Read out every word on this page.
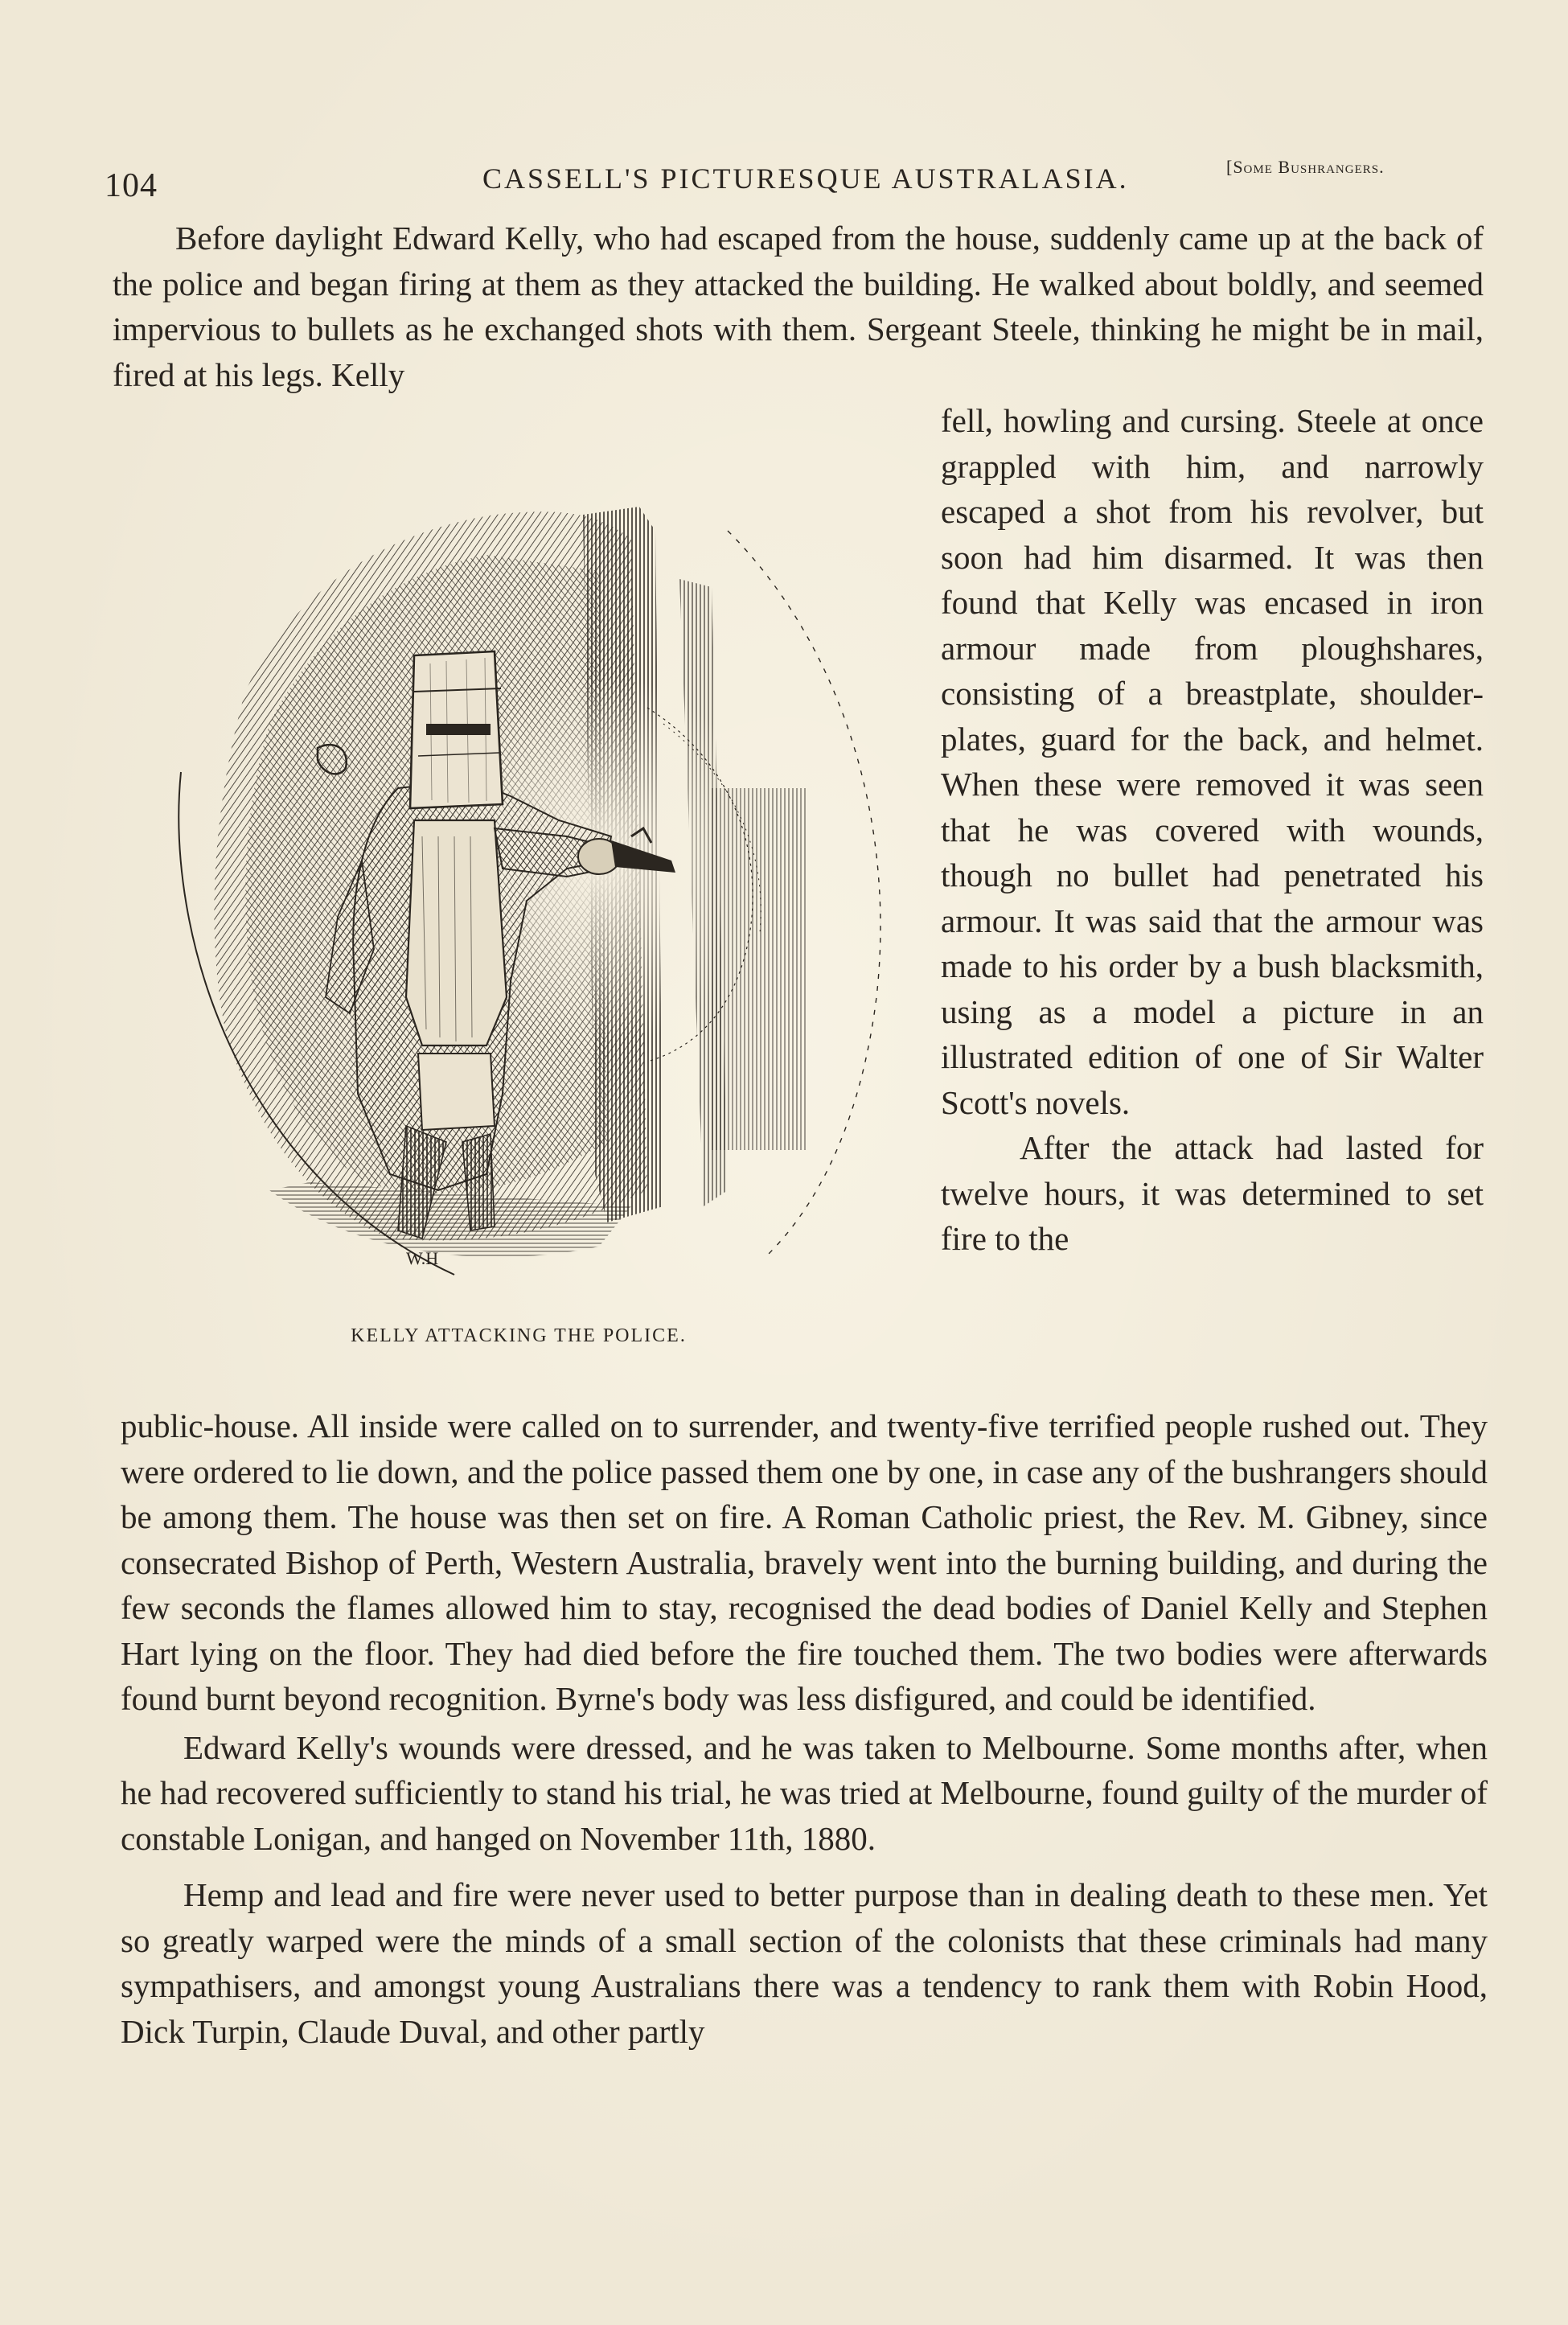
104	CASSELL'S PICTURESQUE AUSTRALASIA.	[Some Bushrangers.

Before daylight Edward Kelly, who had escaped from the house, suddenly came up at the back of the police and began firing at them as they attacked the building. He walked about boldly, and seemed impervious to bullets as he exchanged shots with them. Sergeant Steele, thinking he might be in mail, fired at his legs. Kelly

fell, howling and cursing. Steele at once grappled with him, and narrowly escaped a shot from his revolver, but soon had him disarmed. It was then found that Kelly was encased in iron armour made from ploughshares, consisting of a breastplate, shoulder-plates, guard for the back, and helmet. When these were removed it was seen that he was covered with wounds, though no bullet had penetrated his armour. It was said that the armour was made to his order by a bush blacksmith, using as a model a picture in an illustrated edition of one of Sir Walter Scott's novels.

After the attack had lasted for twelve hours, it was determined to set fire to the

W.H
KELLY ATTACKING THE POLICE.

public-house. All inside were called on to surrender, and twenty-five terrified people rushed out. They were ordered to lie down, and the police passed them one by one, in case any of the bushrangers should be among them. The house was then set on fire. A Roman Catholic priest, the Rev. M. Gibney, since consecrated Bishop of Perth, Western Australia, bravely went into the burning building, and during the few seconds the flames allowed him to stay, recognised the dead bodies of Daniel Kelly and Stephen Hart lying on the floor. They had died before the fire touched them. The two bodies were afterwards found burnt beyond recognition. Byrne's body was less disfigured, and could be identified.

Edward Kelly's wounds were dressed, and he was taken to Melbourne. Some months after, when he had recovered sufficiently to stand his trial, he was tried at Melbourne, found guilty of the murder of constable Lonigan, and hanged on November 11th, 1880.

Hemp and lead and fire were never used to better purpose than in dealing death to these men. Yet so greatly warped were the minds of a small section of the colonists that these criminals had many sympathisers, and amongst young Australians there was a tendency to rank them with Robin Hood, Dick Turpin, Claude Duval, and other partly
